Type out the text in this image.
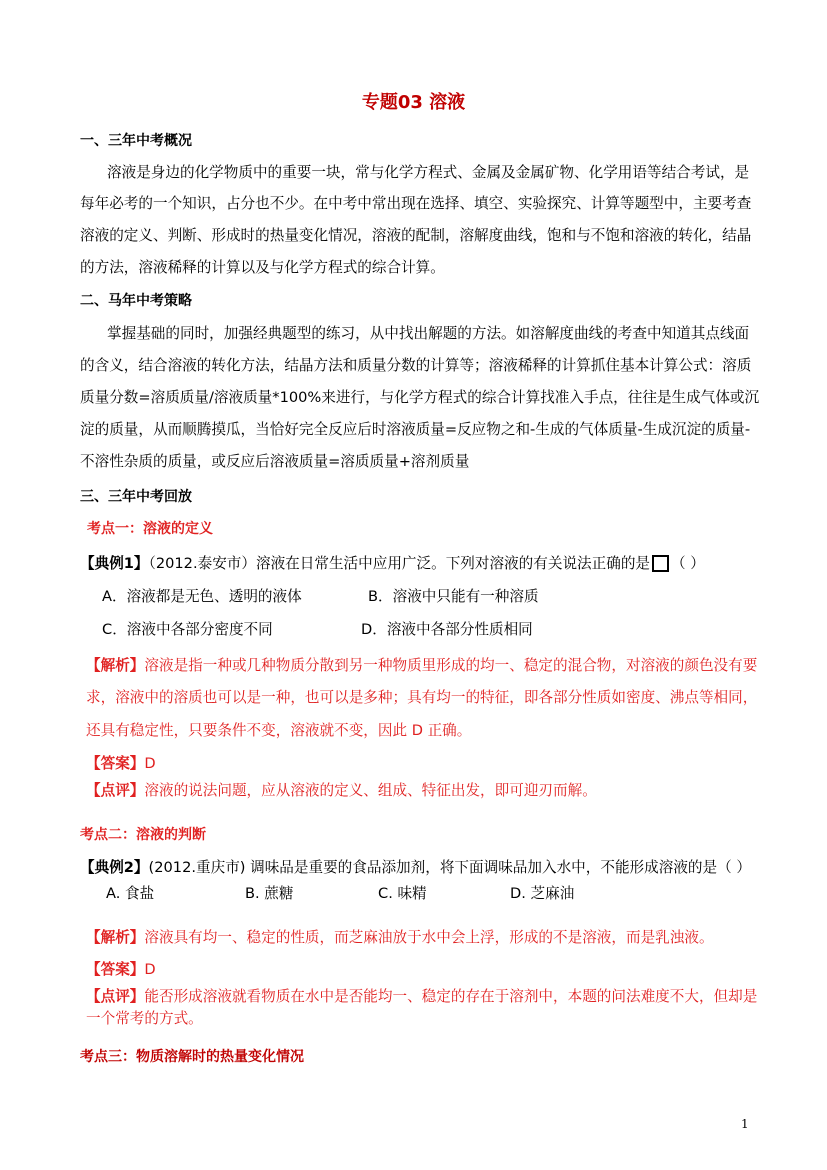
专题03 溶液
一、三年中考概况
溶液是身边的化学物质中的重要一块，常与化学方程式、金属及金属矿物、化学用语等结合考试，是
每年必考的一个知识，占分也不少。在中考中常出现在选择、填空、实验探究、计算等题型中，主要考查
溶液的定义、判断、形成时的热量变化情况，溶液的配制，溶解度曲线，饱和与不饱和溶液的转化，结晶
的方法，溶液稀释的计算以及与化学方程式的综合计算。
二、马年中考策略
掌握基础的同时，加强经典题型的练习，从中找出解题的方法。如溶解度曲线的考查中知道其点线面
的含义，结合溶液的转化方法，结晶方法和质量分数的计算等；溶液稀释的计算抓住基本计算公式：溶质
质量分数=溶质质量/溶液质量*100%来进行，与化学方程式的综合计算找准入手点，往往是生成气体或沉
淀的质量，从而顺腾摸瓜，当恰好完全反应后时溶液质量=反应物之和-生成的气体质量-生成沉淀的质量-
不溶性杂质的质量，或反应后溶液质量=溶质质量+溶剂质量
三、三年中考回放
考点一：溶液的定义
【典例1】（2012.泰安市）溶液在日常生活中应用广泛。下列对溶液的有关说法正确的是 （ ）
A．溶液都是无色、透明的液体	B．溶液中只能有一种溶质
C．溶液中各部分密度不同	D．溶液中各部分性质相同
【解析】溶液是指一种或几种物质分散到另一种物质里形成的均一、稳定的混合物，对溶液的颜色没有要
求，溶液中的溶质也可以是一种，也可以是多种；具有均一的特征，即各部分性质如密度、沸点等相同，
还具有稳定性，只要条件不变，溶液就不变，因此 D 正确。
【答案】D
【点评】溶液的说法问题，应从溶液的定义、组成、特征出发，即可迎刃而解。
考点二：溶液的判断
【典例2】(2012.重庆市) 调味品是重要的食品添加剂，将下面调味品加入水中，不能形成溶液的是（ ）
A. 食盐	B. 蔗糖	C. 味精	D. 芝麻油
【解析】溶液具有均一、稳定的性质，而芝麻油放于水中会上浮，形成的不是溶液，而是乳浊液。
【答案】D
【点评】能否形成溶液就看物质在水中是否能均一、稳定的存在于溶剂中，本题的问法难度不大，但却是
一个常考的方式。
考点三：物质溶解时的热量变化情况
1
